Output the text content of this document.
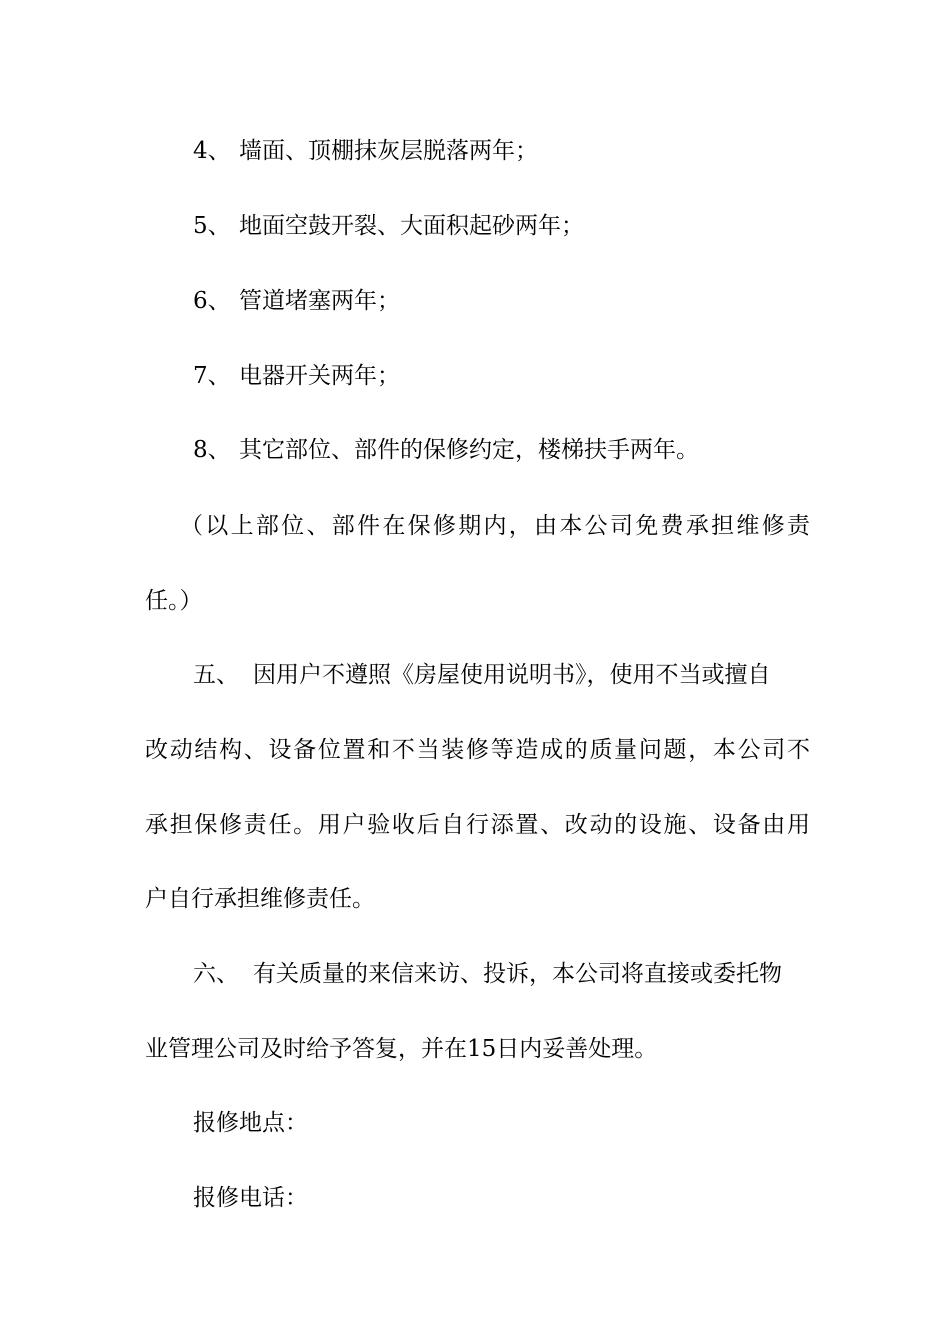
4、 墙面、顶棚抹灰层脱落两年；
5、 地面空鼓开裂、大面积起砂两年；
6、 管道堵塞两年；
7、 电器开关两年；
8、 其它部位、部件的保修约定，楼梯扶手两年。
（以上部位、部件在保修期内，由本公司免费承担维修责
任。）
五、 因用户不遵照《房屋使用说明书》，使用不当或擅自
改动结构、设备位置和不当装修等造成的质量问题，本公司不
承担保修责任。用户验收后自行添置、改动的设施、设备由用
户自行承担维修责任。
六、 有关质量的来信来访、投诉，本公司将直接或委托物
业管理公司及时给予答复，并在15日内妥善处理。
报修地点：
报修电话：
